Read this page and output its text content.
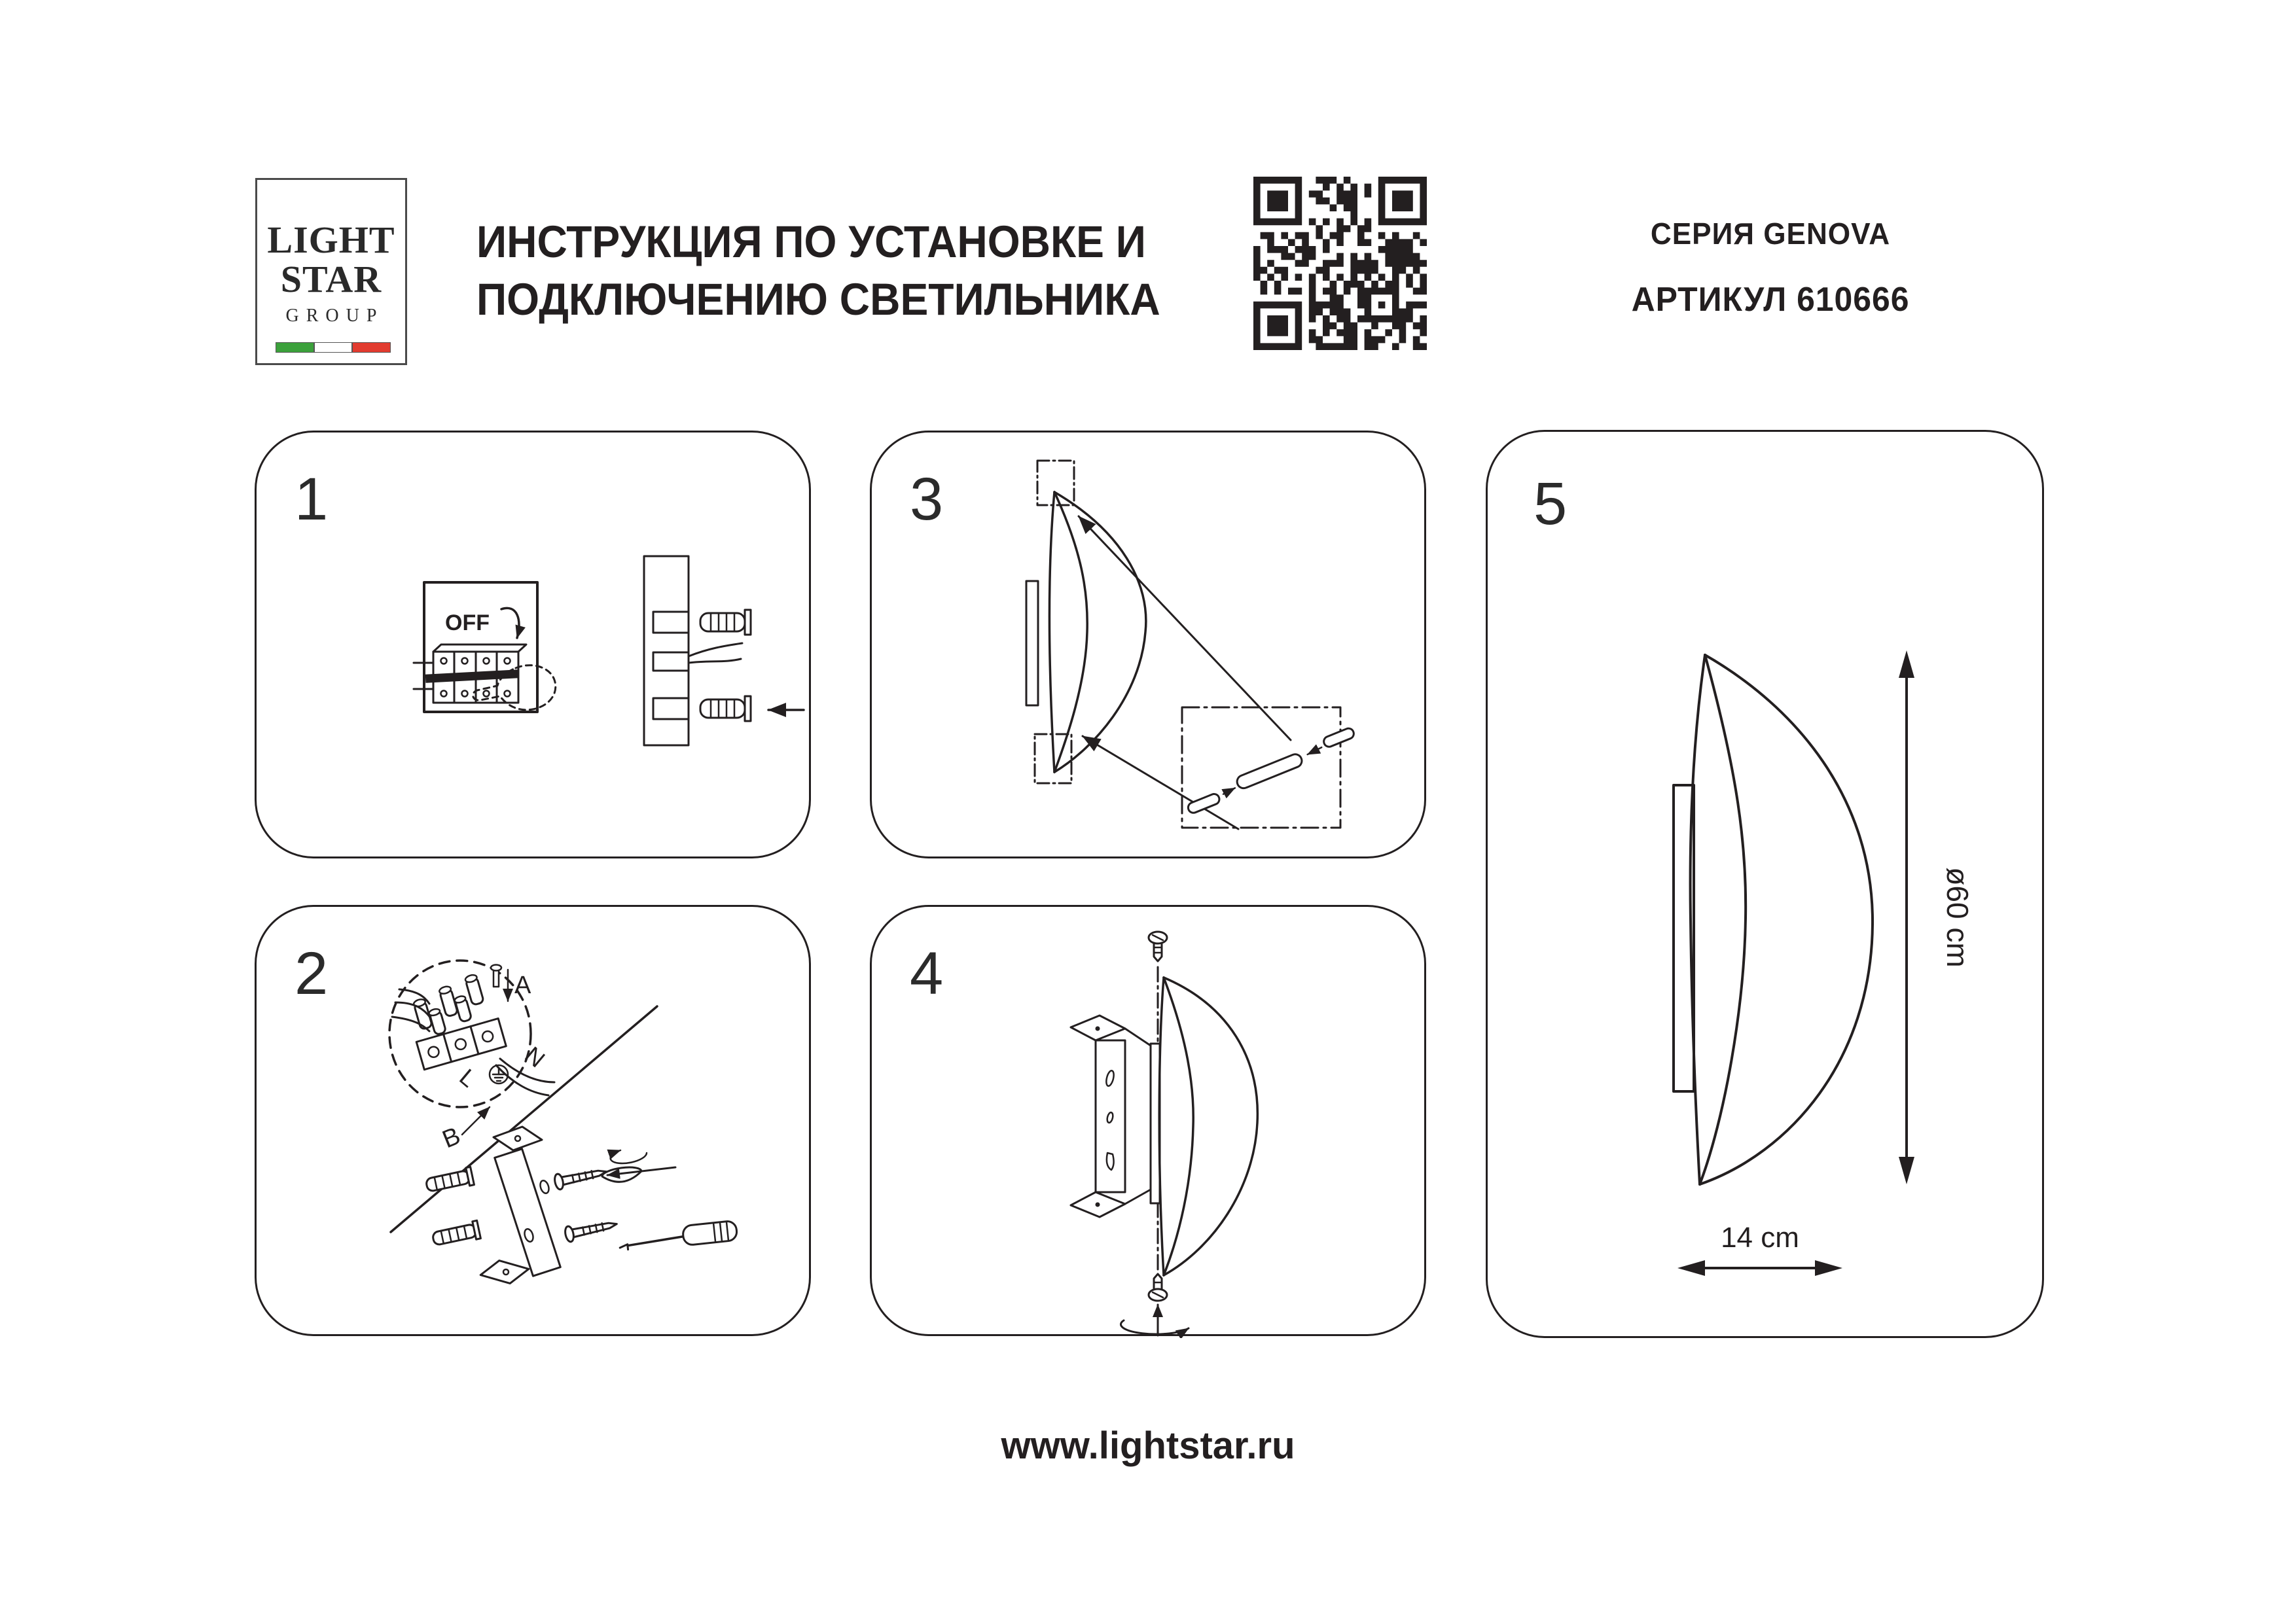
LIGHT
STAR
GROUP
ИНСТРУКЦИЯ ПО УСТАНОВКЕ И
ПОДКЛЮЧЕНИЮ СВЕТИЛЬНИКА
СЕРИЯ GENOVA
АРТИКУЛ 610666
1
OFF
2	A
N
L
B
3
4
5
ø60 cm
14 cm
www.lightstar.ru
